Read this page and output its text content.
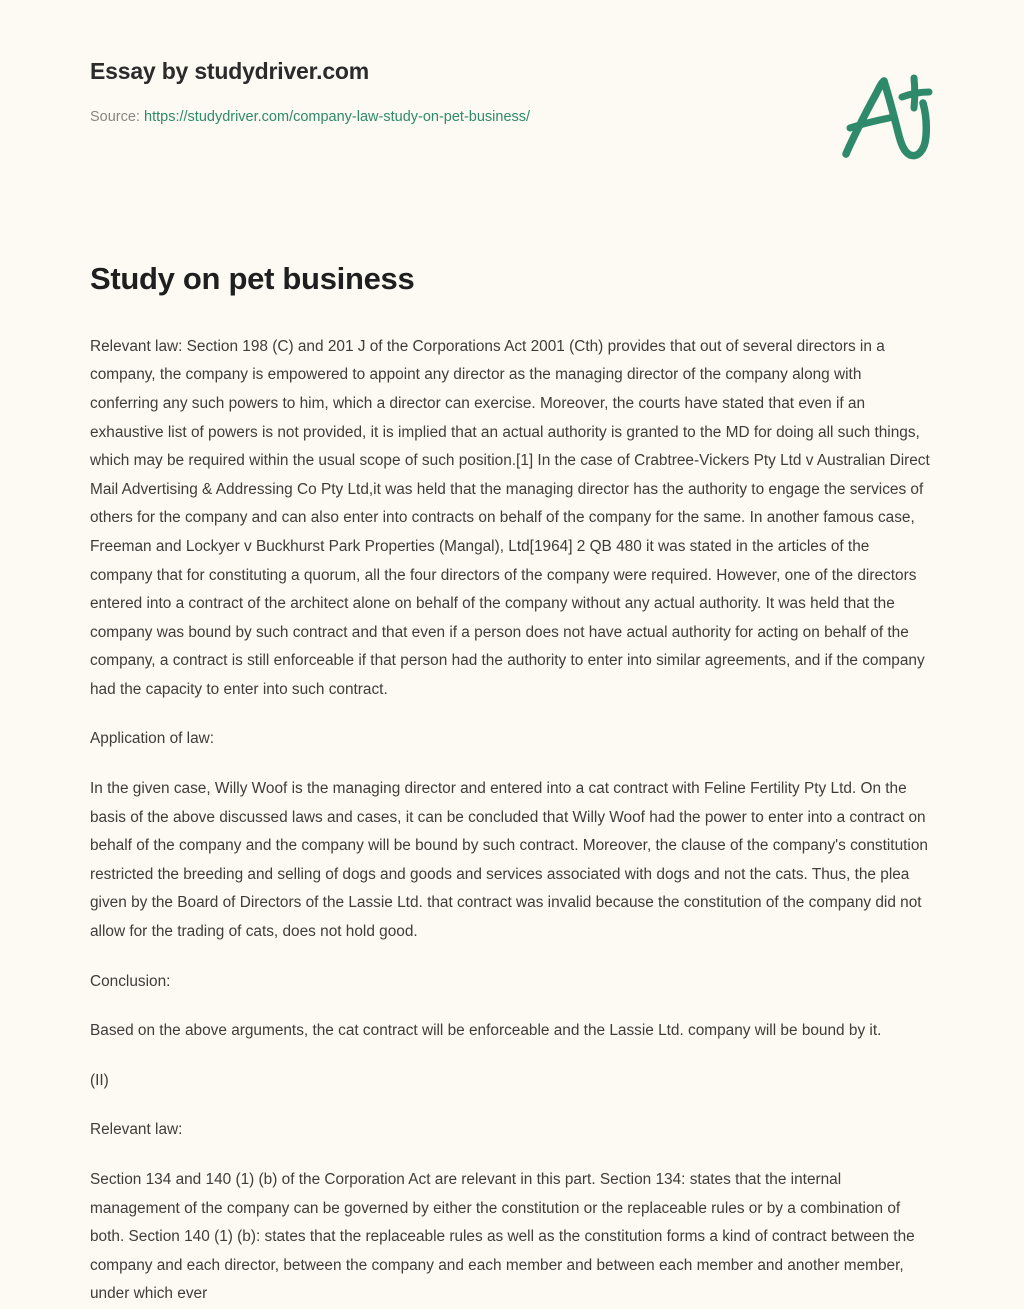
Essay by studydriver.com
Source: https://studydriver.com/company-law-study-on-pet-business/
Study on pet business

Relevant law: Section 198 (C) and 201 J of the Corporations Act 2001 (Cth) provides that out of several directors in a company, the company is empowered to appoint any director as the managing director of the company along with conferring any such powers to him, which a director can exercise. Moreover, the courts have stated that even if an exhaustive list of powers is not provided, it is implied that an actual authority is granted to the MD for doing all such things, which may be required within the usual scope of such position.[1] In the case of Crabtree-Vickers Pty Ltd v Australian Direct Mail Advertising & Addressing Co Pty Ltd,it was held that the managing director has the authority to engage the services of others for the company and can also enter into contracts on behalf of the company for the same. In another famous case, Freeman and Lockyer v Buckhurst Park Properties (Mangal), Ltd[1964] 2 QB 480 it was stated in the articles of the company that for constituting a quorum, all the four directors of the company were required. However, one of the directors entered into a contract of the architect alone on behalf of the company without any actual authority. It was held that the company was bound by such contract and that even if a person does not have actual authority for acting on behalf of the company, a contract is still enforceable if that person had the authority to enter into similar agreements, and if the company had the capacity to enter into such contract.

Application of law:

In the given case, Willy Woof is the managing director and entered into a cat contract with Feline Fertility Pty Ltd. On the basis of the above discussed laws and cases, it can be concluded that Willy Woof had the power to enter into a contract on behalf of the company and the company will be bound by such contract. Moreover, the clause of the company's constitution restricted the breeding and selling of dogs and goods and services associated with dogs and not the cats. Thus, the plea given by the Board of Directors of the Lassie Ltd. that contract was invalid because the constitution of the company did not allow for the trading of cats, does not hold good.

Conclusion:

Based on the above arguments, the cat contract will be enforceable and the Lassie Ltd. company will be bound by it.

(II)

Relevant law:

Section 134 and 140 (1) (b) of the Corporation Act are relevant in this part. Section 134: states that the internal management of the company can be governed by either the constitution or the replaceable rules or by a combination of both. Section 140 (1) (b): states that the replaceable rules as well as the constitution forms a kind of contract between the company and each director, between the company and each member and between each member and another member, under which ever
